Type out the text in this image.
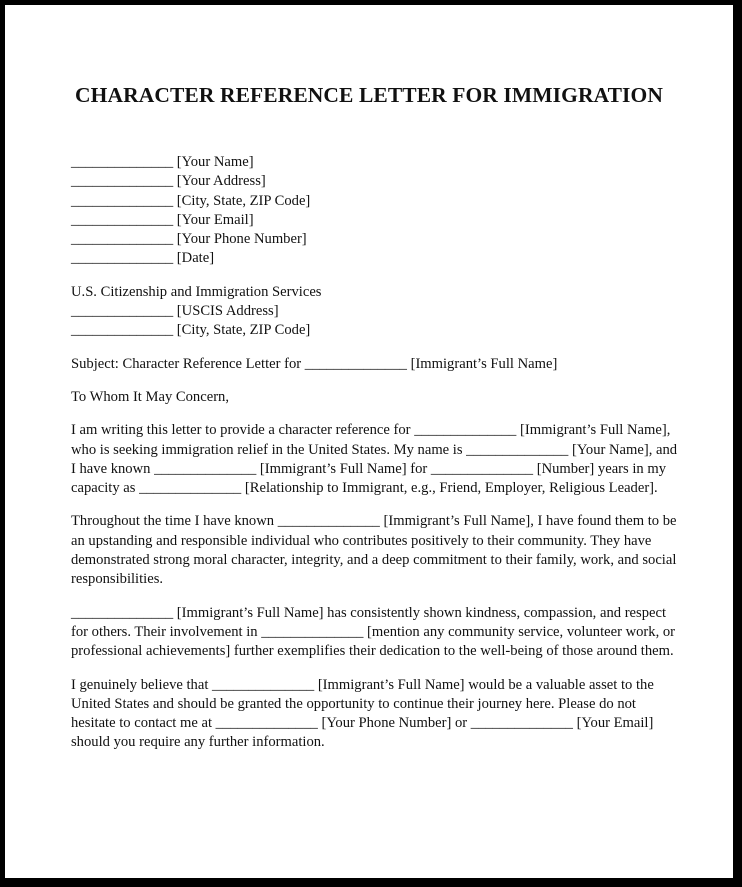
CHARACTER REFERENCE LETTER FOR IMMIGRATION
______________ [Your Name]
______________ [Your Address]
______________ [City, State, ZIP Code]
______________ [Your Email]
______________ [Your Phone Number]
______________ [Date]
U.S. Citizenship and Immigration Services
______________ [USCIS Address]
______________ [City, State, ZIP Code]
Subject: Character Reference Letter for ______________ [Immigrant’s Full Name]
To Whom It May Concern,
I am writing this letter to provide a character reference for ______________ [Immigrant’s Full Name],
who is seeking immigration relief in the United States. My name is ______________ [Your Name], and
I have known ______________ [Immigrant’s Full Name] for ______________ [Number] years in my
capacity as ______________ [Relationship to Immigrant, e.g., Friend, Employer, Religious Leader].
Throughout the time I have known ______________ [Immigrant’s Full Name], I have found them to be
an upstanding and responsible individual who contributes positively to their community. They have
demonstrated strong moral character, integrity, and a deep commitment to their family, work, and social
responsibilities.
______________ [Immigrant’s Full Name] has consistently shown kindness, compassion, and respect
for others. Their involvement in ______________ [mention any community service, volunteer work, or
professional achievements] further exemplifies their dedication to the well-being of those around them.
I genuinely believe that ______________ [Immigrant’s Full Name] would be a valuable asset to the
United States and should be granted the opportunity to continue their journey here. Please do not
hesitate to contact me at ______________ [Your Phone Number] or ______________ [Your Email]
should you require any further information.
